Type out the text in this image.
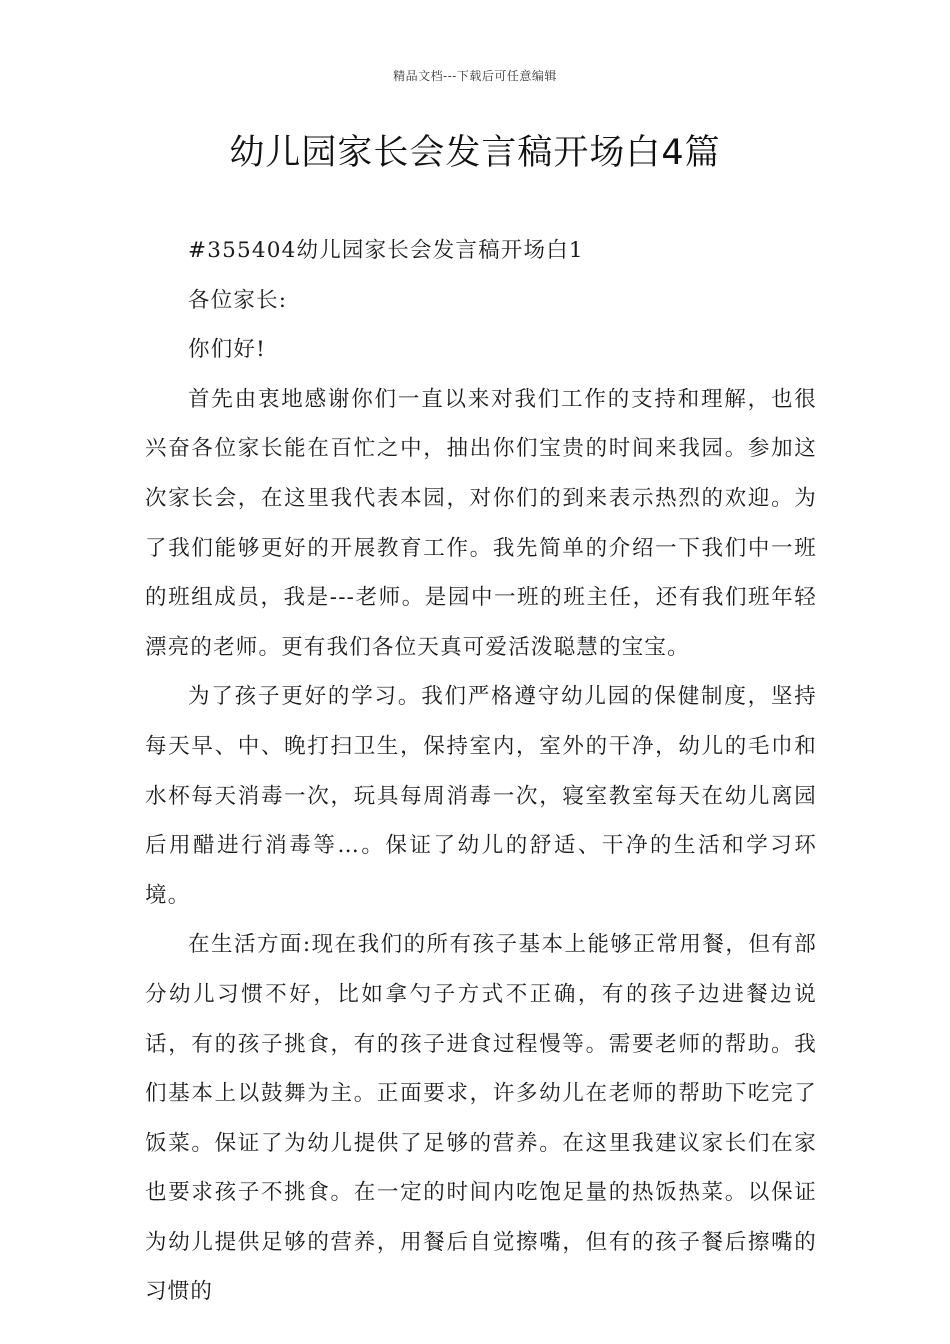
精品文档---下载后可任意编辑
幼儿园家长会发言稿开场白4篇

#355404幼儿园家长会发言稿开场白1

各位家长:

你们好!

首先由衷地感谢你们一直以来对我们工作的支持和理解，也很兴奋各位家长能在百忙之中，抽出你们宝贵的时间来我园。参加这次家长会，在这里我代表本园，对你们的到来表示热烈的欢迎。为了我们能够更好的开展教育工作。我先简单的介绍一下我们中一班的班组成员，我是---老师。是园中一班的班主任，还有我们班年轻漂亮的老师。更有我们各位天真可爱活泼聪慧的宝宝。

为了孩子更好的学习。我们严格遵守幼儿园的保健制度，坚持每天早、中、晚打扫卫生，保持室内，室外的干净，幼儿的毛巾和水杯每天消毒一次，玩具每周消毒一次，寝室教室每天在幼儿离园后用醋进行消毒等…。保证了幼儿的舒适、干净的生活和学习环境。

在生活方面:现在我们的所有孩子基本上能够正常用餐，但有部分幼儿习惯不好，比如拿勺子方式不正确，有的孩子边进餐边说话，有的孩子挑食，有的孩子进食过程慢等。需要老师的帮助。我们基本上以鼓舞为主。正面要求，许多幼儿在老师的帮助下吃完了饭菜。保证了为幼儿提供了足够的营养。在这里我建议家长们在家也要求孩子不挑食。在一定的时间内吃饱足量的热饭热菜。以保证为幼儿提供足够的营养，用餐后自觉擦嘴，但有的孩子餐后擦嘴的习惯的
